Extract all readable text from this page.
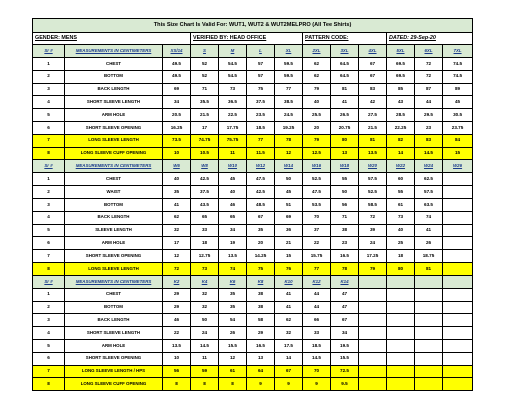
This Size Chart Is Valid For: WUT1, WUT2 & WUT2MELPRO (All Tee Shirts)												
GENDER: MENS			VERIFIED BY: HEAD OFFICE				PATTERN CODE:			DATED: 29-Sep-20		
Sr #	MEASUREMENTS IN CENTIMETERS	XS/14	S	M	L	XL	2XL	3XL	4XL	5XL	6XL	7XL
1	CHEST	49.5	52	54.5	57	59.5	62	64.5	67	69.5	72	74.5
2	BOTTOM	49.5	52	54.5	57	59.5	62	64.5	67	69.5	72	74.5
3	BACK LENGTH	69	71	73	75	77	79	81	83	85	87	89
4	SHORT SLEEVE LENGTH	34	35.5	36.5	37.5	38.5	40	41	42	43	44	45
5	ARM HOLE	20.5	21.5	22.5	23.5	24.5	25.5	26.5	27.5	28.5	29.5	30.5
6	SHORT SLEEVE OPENING	16.25	17	17.75	18.5	19.25	20	20.75	21.5	22.25	23	23.75
7	LONG SLEEVE LENGTH	73.5	74.75	75.75	77	78	79	80	81	82	83	84
8	LONG SLEEVE CUFF OPENING	10	10.5	11	11.5	12	12.5	13	13.5	14	14.5	15
Sr #	MEASUREMENTS IN CENTIMETERS	W6	W8	W10	W12	W14	W16	W18	W20	W22	W24	W26
1	CHEST	40	42.5	45	47.5	50	52.5	55	57.5	60	62.5	
2	WAIST	35	37.5	40	42.5	45	47.5	50	52.5	55	57.5	
3	BOTTOM	41	43.5	46	48.5	51	53.5	56	58.5	61	63.5	
4	BACK LENGTH	62	65	65	67	69	70	71	72	73	74	
5	SLEEVE LENGTH	32	33	34	35	36	37	38	39	40	41	
6	ARM HOLE	17	18	19	20	21	22	23	24	25	26	
7	SHORT SLEEVE OPENING	12	12.75	13.5	14.25	15	15.75	16.5	17.25	18	18.75	
8	LONG SLEEVE LENGTH	72	73	74	75	76	77	78	79	80	81	
Sr #	MEASUREMENTS IN CENTIMETERS	K2	K4	K6	K8	K10	K12	K14				
1	CHEST	29	32	35	38	41	44	47				
2	BOTTOM	29	32	35	38	41	44	47				
3	BACK LENGTH	46	50	54	58	62	66	67				
4	SHORT SLEEVE LENGTH	22	24	26	29	32	33	34				
5	ARM HOLE	13.5	14.5	15.5	16.5	17.5	18.5	19.5				
6	SHORT SLEEVE OPENING	10	11	12	13	14	14.5	15.5				
7	LONG SLEEVE LENGTH / HPS	56	59	61	64	67	70	72.5				
8	LONG SLEEVE CUFF OPENING	8	8	8	9	9	9	9.5				
